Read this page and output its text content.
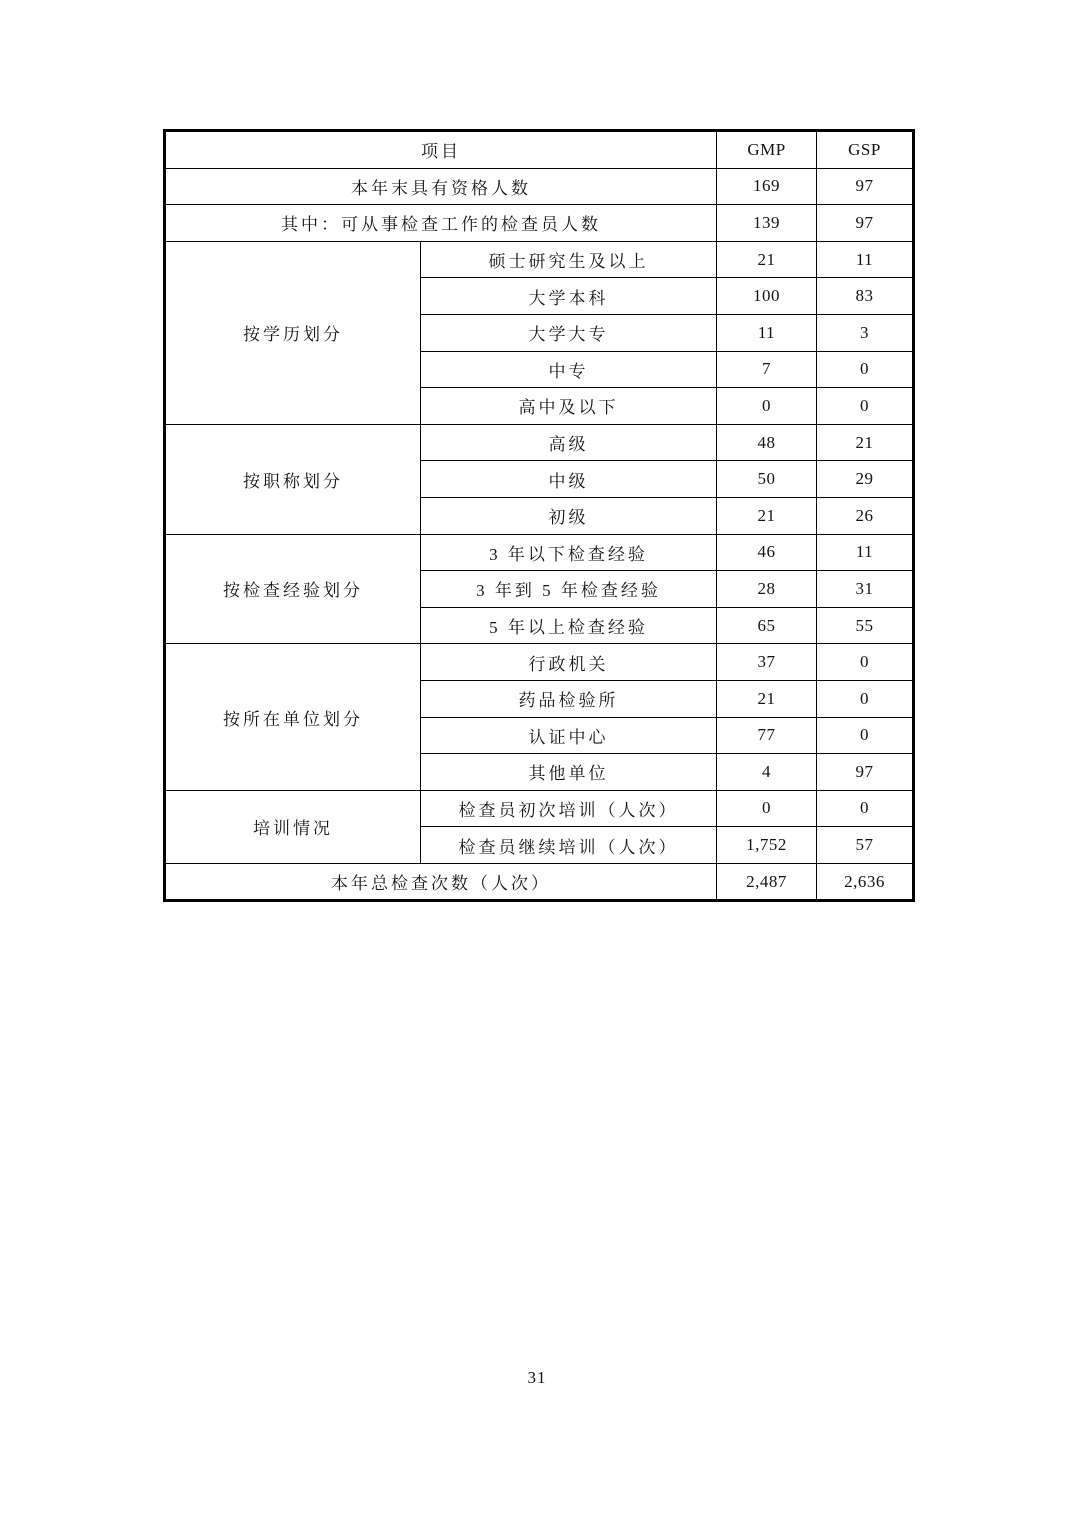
项目		GMP	GSP
本年末具有资格人数		169	97
其中：可从事检查工作的检查员人数		139	97
按学历划分	硕士研究生及以上	21	11
	大学本科	100	83
	大学大专	11	3
	中专	7	0
	高中及以下	0	0
按职称划分	高级	48	21
	中级	50	29
	初级	21	26
按检查经验划分	3 年以下检查经验	46	11
	3 年到 5 年检查经验	28	31
	5 年以上检查经验	65	55
按所在单位划分	行政机关	37	0
	药品检验所	21	0
	认证中心	77	0
	其他单位	4	97
培训情况	检查员初次培训（人次）	0	0
	检查员继续培训（人次）	1,752	57
本年总检查次数（人次）		2,487	2,636
31
